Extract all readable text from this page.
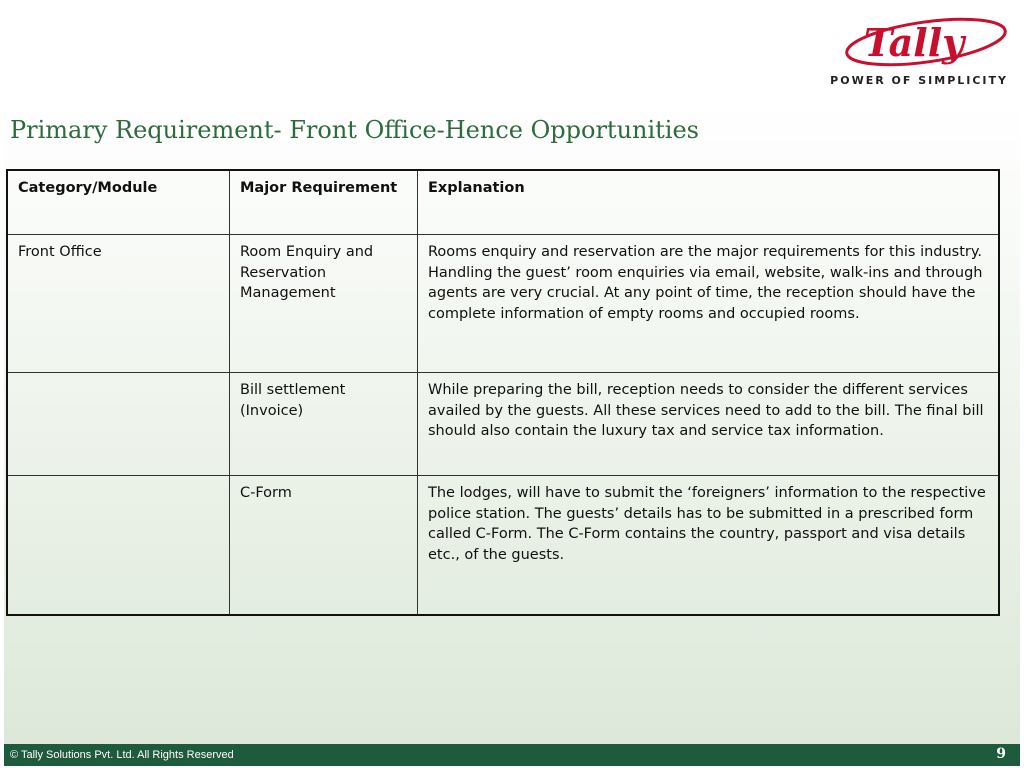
Tally
POWER OF SIMPLICITY
Primary Requirement- Front Office-Hence Opportunities
Category/Module	Major Requirement	Explanation
Front Office	Room Enquiry and Reservation Management	Rooms enquiry and reservation are the major requirements for this industry. Handling the guest’ room enquiries via email, website, walk-ins and through agents are very crucial. At any point of time, the reception should have the complete information of empty rooms and occupied rooms.
	Bill settlement (Invoice)	While preparing the bill, reception needs to consider the different services availed by the guests. All these services need to add to the bill. The final bill should also contain the luxury tax and service tax information.
	C-Form	The lodges, will have to submit the ‘foreigners’ information to the respective police station. The guests’ details has to be submitted in a prescribed form called C-Form. The C-Form contains the country, passport and visa details etc., of the guests.
© Tally Solutions Pvt. Ltd. All Rights Reserved	9
